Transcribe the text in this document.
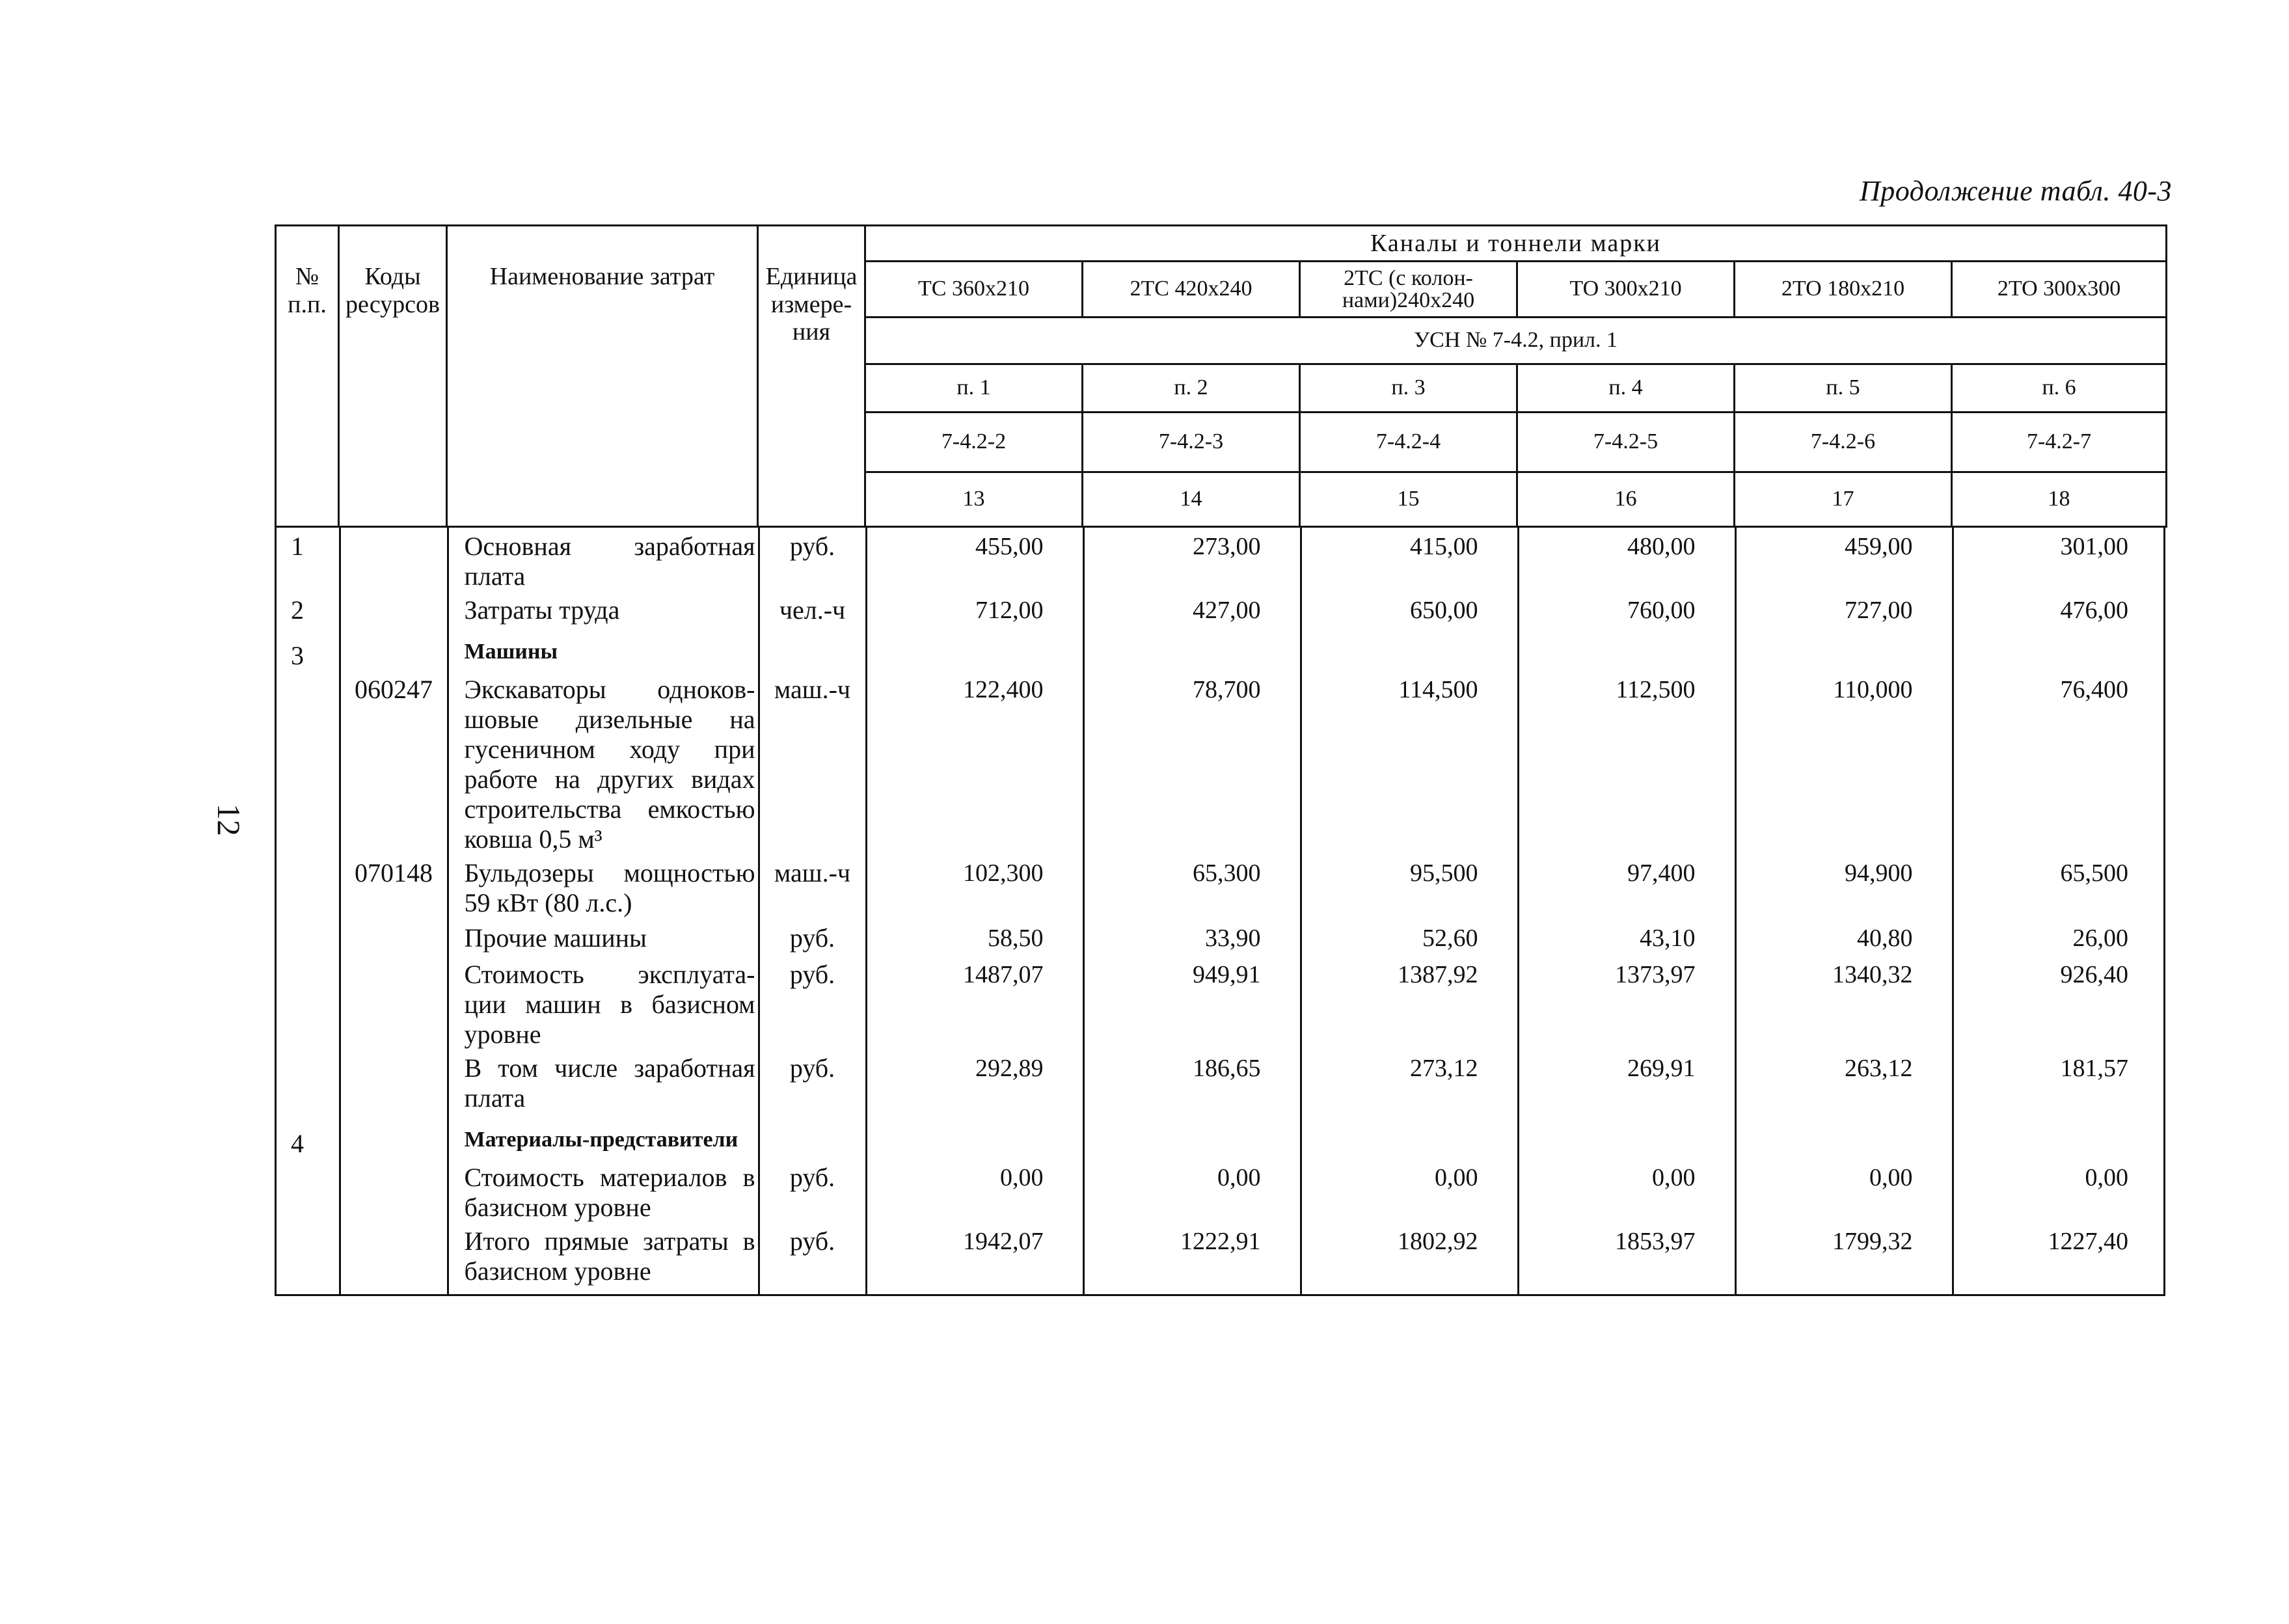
Продолжение табл. 40-3
12
№ п.п.	Коды ресурсов	Наименование затрат	Единица измере- ния	Каналы и тоннели марки					
				ТС 360x210	2ТС 420x240	2ТС (с колон- нами)240x240	ТО 300x210	2ТО 180x210	2ТО 300x300
				УСН № 7-4.2, прил. 1					
				п. 1	п. 2	п. 3	п. 4	п. 5	п. 6
				7-4.2-2	7-4.2-3	7-4.2-4	7-4.2-5	7-4.2-6	7-4.2-7
				13	14	15	16	17	18
1		Основная заработная плата	руб.	455,00	273,00	415,00	480,00	459,00	301,00
2		Затраты труда	чел.-ч	712,00	427,00	650,00	760,00	727,00	476,00
3		Машины							
	060247	Экскаваторы одноков- шовые дизельные на гусеничном ходу при работе на других видах строительства емкостью ковша 0,5 м³	маш.-ч	122,400	78,700	114,500	112,500	110,000	76,400
	070148	Бульдозеры мощностью 59 кВт (80 л.с.)	маш.-ч	102,300	65,300	95,500	97,400	94,900	65,500
		Прочие машины	руб.	58,50	33,90	52,60	43,10	40,80	26,00
		Стоимость эксплуата- ции машин в базисном уровне	руб.	1487,07	949,91	1387,92	1373,97	1340,32	926,40
		В том числе заработная плата	руб.	292,89	186,65	273,12	269,91	263,12	181,57
4		Материалы-представители							
		Стоимость материалов в базисном уровне	руб.	0,00	0,00	0,00	0,00	0,00	0,00
		Итого прямые затраты в базисном уровне	руб.	1942,07	1222,91	1802,92	1853,97	1799,32	1227,40
